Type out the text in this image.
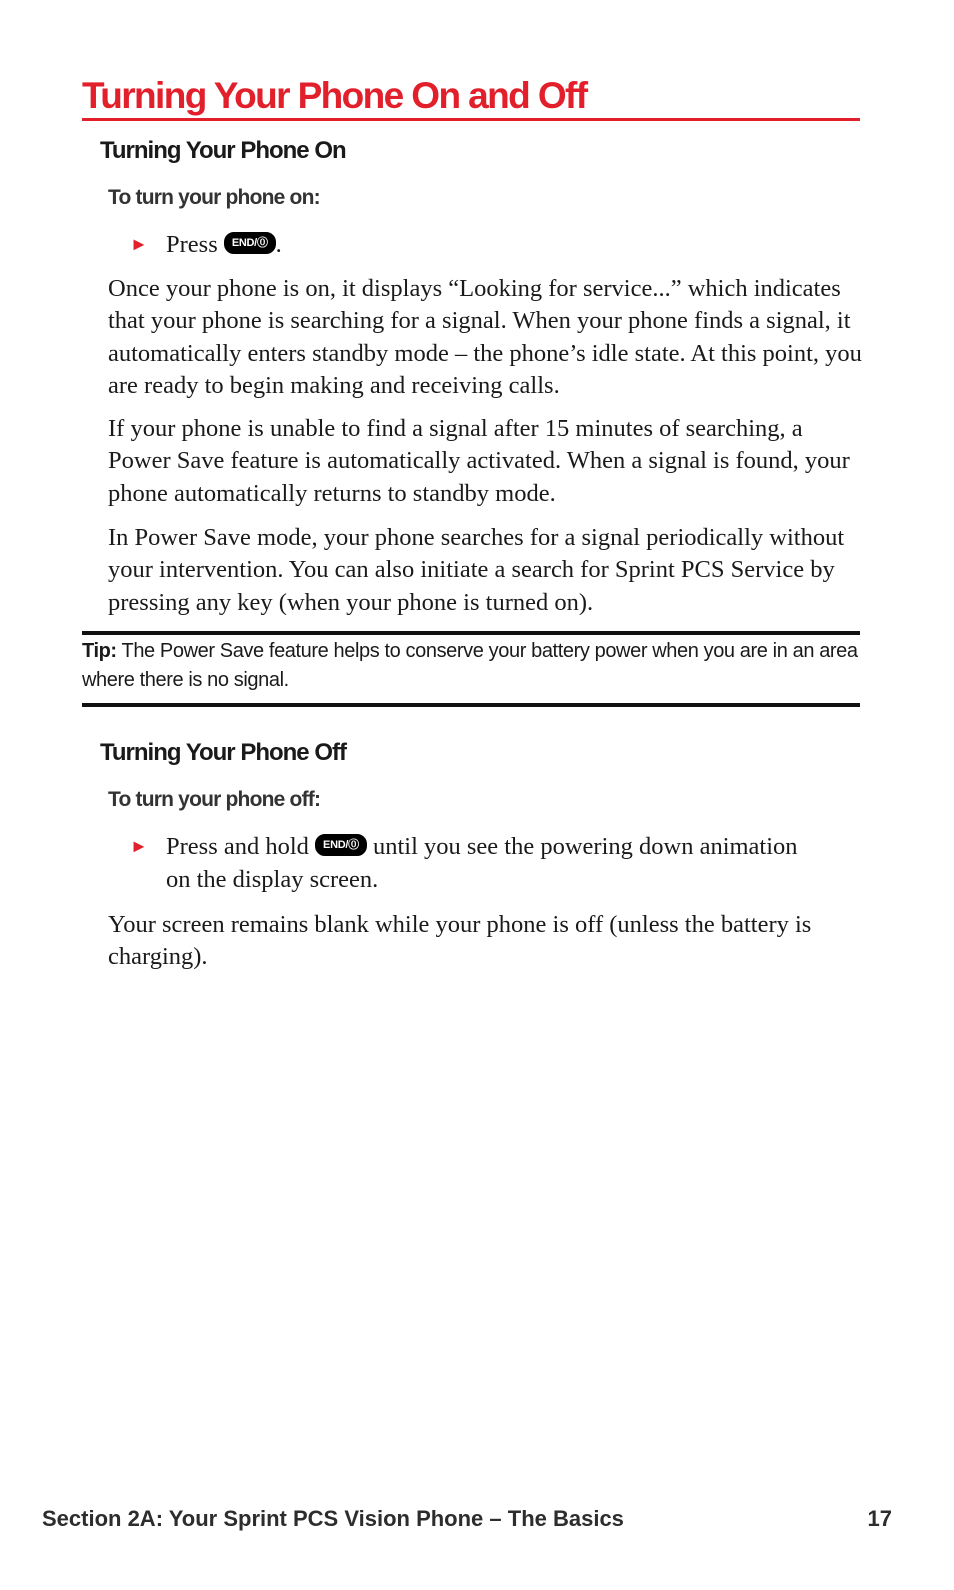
Turning Your Phone On and Off
Turning Your Phone On
To turn your phone on:

► Press END/⓪ .

Once your phone is on, it displays “Looking for service...” which indicates that your phone is searching for a signal. When your phone finds a signal, it automatically enters standby mode – the phone’s idle state. At this point, you are ready to begin making and receiving calls.

If your phone is unable to find a signal after 15 minutes of searching, a Power Save feature is automatically activated. When a signal is found, your phone automatically returns to standby mode.

In Power Save mode, your phone searches for a signal periodically without your intervention. You can also initiate a search for Sprint PCS Service by pressing any key (when your phone is turned on).

Tip: The Power Save feature helps to conserve your battery power when you are in an area where there is no signal.

Turning Your Phone Off
To turn your phone off:

► Press and hold END/⓪ until you see the powering down animation on the display screen.

Your screen remains blank while your phone is off (unless the battery is charging).

Section 2A: Your Sprint PCS Vision Phone – The Basics	17
